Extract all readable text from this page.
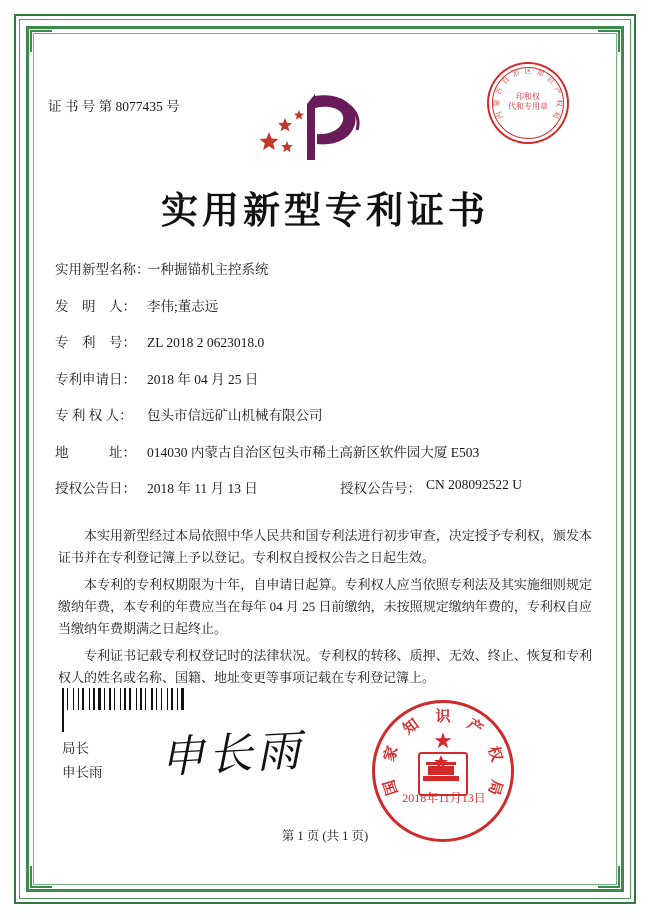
证 书 号 第 8077435 号
内
蒙
古
自
治 区 知
识
产
权
局
印和权
代和专用章
实用新型专利证书
实用新型名称：
一种掘锚机主控系统
发　明　人： 李伟;董志远
专　利　号： ZL 2018 2 0623018.0
专利申请日： 2018 年 04 月 25 日
专 利 权 人：	包头市信远矿山机械有限公司
地　　　址： 014030 内蒙古自治区包头市稀土高新区软件园大厦 E503
授权公告日： 2018 年 11 月 13 日	授权公告号： CN 208092522 U
本实用新型经过本局依照中华人民共和国专利法进行初步审查，决定授予专利权，颁发本证书并在专利登记簿上予以登记。专利权自授权公告之日起生效。
本专利的专利权期限为十年，自申请日起算。专利权人应当依照专利法及其实施细则规定缴纳年费，本专利的年费应当在每年 04 月 25 日前缴纳，未按照规定缴纳年费的，专利权自应当缴纳年费期满之日起终止。
专利证书记载专利权登记时的法律状况。专利权的转移、质押、无效、终止、恢复和专利权人的姓名或名称、国籍、地址变更等事项记载在专利登记簿上。
局长
申长雨 申长雨	★
国
家
知 识 产
权
局
2018年11月13日
第 1 页 (共 1 页)
